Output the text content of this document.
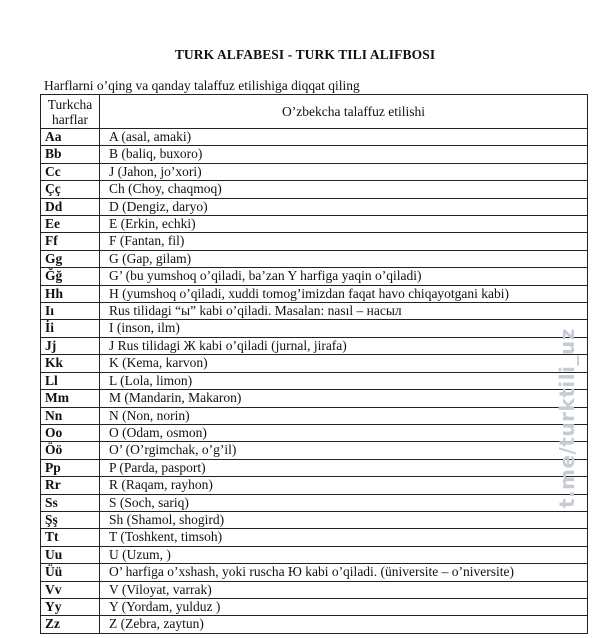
TURK ALFABESI - TURK TILI ALIFBOSI
Harflarni o’qing va qanday talaffuz etilishiga diqqat qiling
Turkcha
harflar	O’zbekcha talaffuz etilishi
Aa	A (asal, amaki)
Bb	B (baliq, buxoro)
Cc	J (Jahon, jo’xori)
Çç	Ch (Choy, chaqmoq)
Dd	D (Dengiz, daryo)
Ee	E (Erkin, echki)
Ff	F (Fantan, fil)
Gg	G (Gap, gilam)
Ğğ	G’ (bu yumshoq o’qiladi, ba’zan Y harfiga yaqin o’qiladi)
Hh	H (yumshoq o’qiladi, xuddi tomog’imizdan faqat havo chiqayotgani kabi)
Iı	Rus tilidagi “ы” kabi o’qiladi. Masalan: nasıl – насыл
İi	I (inson, ilm)
Jj	J Rus tilidagi Ж kabi o’qiladi (jurnal, jirafa)
Kk	K (Kema, karvon)
Ll	L (Lola, limon)
Mm	M (Mandarin, Makaron)
Nn	N (Non, norin)
Oo	O (Odam, osmon)
Öö	O’ (O’rgimchak, o’g’il)
Pp	P (Parda, pasport)
Rr	R (Raqam, rayhon)
Ss	S (Soch, sariq)
Şş	Sh (Shamol, shogird)
Tt	T (Toshkent, timsoh)
Uu	U (Uzum, )
Üü	O’ harfiga o’xshash, yoki ruscha Ю kabi o’qiladi. (üniversite – o’niversite)
Vv	V (Viloyat, varrak)
Yy	Y (Yordam, yulduz )
Zz	Z (Zebra, zaytun)
t.me/turktili_uz
